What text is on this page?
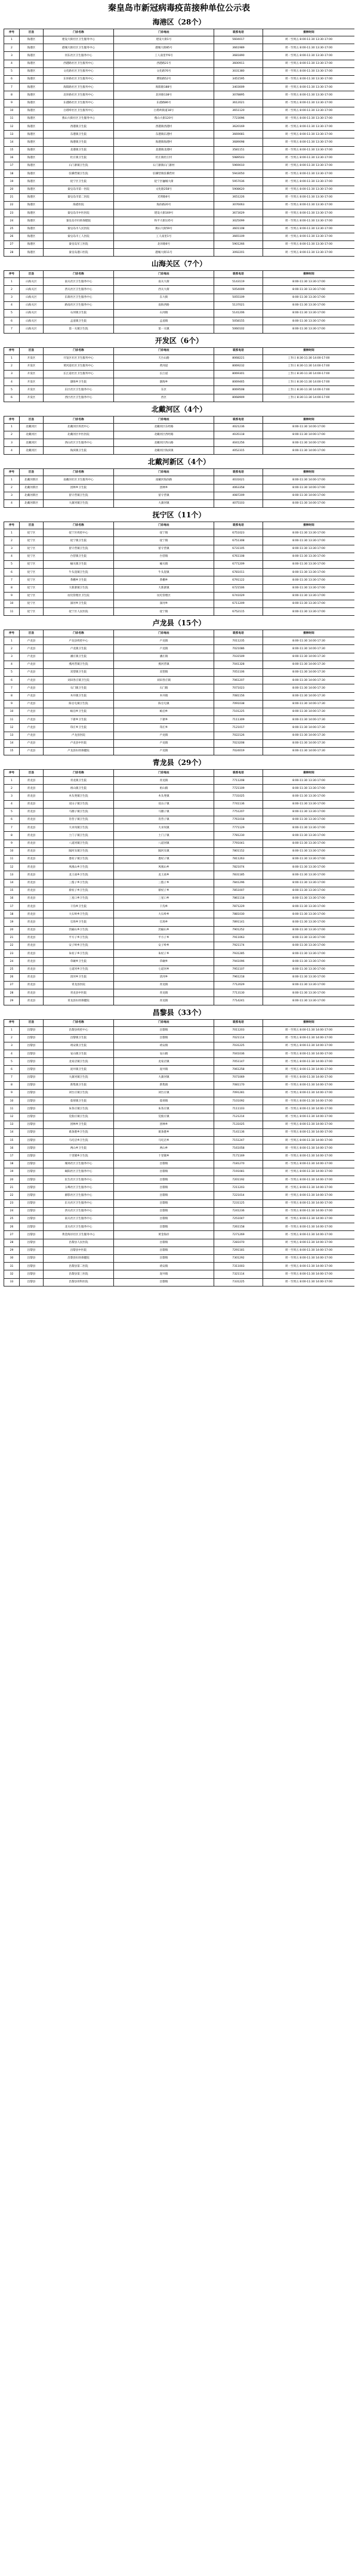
秦皇岛市新冠病毒疫苗接种单位公示表
海港区（28个）
序号	区县	门诊名称	门诊地址	联系电话	接种时间
1	海港区	建设大街社区卫生服务中心	建设大街1号	5604017	周一至周五 8:00-11:30 13:30-17:00
2	海港区	港城大街社区卫生服务中心	港城大街85号	3661989	周一至周五 8:00-11:30 13:30-17:00
3	海港区	河东社区卫生服务中心	工人南里甲6号	3681890	周一至周五 8:00-11:30 13:30-17:00
4	海港区	西港路社区卫生服务中心	西港路21号	3600911	周一至周五 8:00-11:30 13:30-17:00
5	海港区	文化路社区卫生服务中心	文化路76号	3031380	周一至周五 8:00-11:30 13:30-17:00
6	海港区	东环路社区卫生服务中心	曹阳路52号	3451595	周一至周五 8:00-11:30 13:30-17:00
7	海港区	海阳路社区卫生服务中心	海阳路188号	3403009	周一至周五 8:00-11:30 13:30-17:00
8	海港区	北环路社区卫生服务中心	北环路138号	3078895	周一至周五 8:00-11:30 13:30-17:00
9	海港区	东港路社区卫生服务中心	东港路86号	3612021	周一至周五 8:00-11:30 13:30-17:00
10	海港区	白塔岭社区卫生服务中心	白塔岭街道18号	3651120	周一至周五 8:00-11:30 13:30-17:00
11	海港区	燕山大街社区卫生服务中心	燕山大街120号	7723096	周一至周五 8:00-11:30 13:30-17:00
12	海港区	西港镇卫生院	西港镇西港村	3620169	周一至周五 8:00-11:30 13:30-17:00
13	海港区	东港镇卫生院	东港镇东港村	3669081	周一至周五 8:00-11:30 13:30-17:00
14	海港区	海港镇卫生院	海港镇海港村	3689098	周一至周五 8:00-11:30 13:30-17:00
15	海港区	北港镇卫生院	北港镇北港村	3581151	周一至周五 8:00-11:30 13:30-17:00
16	海港区	杜庄镇卫生院	杜庄镇杜庄村	5989503	周一至周五 8:00-11:30 13:30-17:00
17	海港区	石门寨镇卫生院	石门寨镇石门寨村	5969010	周一至周五 8:00-11:30 13:30-17:00
18	海港区	驻操营镇卫生院	驻操营镇驻操营村	5943050	周一至周五 8:00-11:30 13:30-17:00
19	海港区	抚宁区卫生院	抚宁区骊城大街	5957036	周一至周五 8:00-11:30 13:30-17:00
20	海港区	秦皇岛市第一医院	文化路258号	5908620	周一至周五 8:00-11:30 13:30-17:00
21	海港区	秦皇岛市第二医院	光明路6号	3651226	周一至周五 8:00-11:30 13:30-17:00
22	海港区	海港医院	海滨路20号	3076063	周一至周五 8:00-11:30 13:30-17:00
23	海港区	秦皇岛市中医医院	建设大街169号	3673029	周一至周五 8:00-11:30 13:30-17:00
24	海港区	秦皇岛市妇幼保健院	和平大街135号	3025099	周一至周五 8:00-11:30 13:30-17:00
25	海港区	秦皇岛市人民医院	燕山大街59号	3601108	周一至周五 8:00-11:30 13:30-17:00
26	海港区	秦皇岛市工人医院	工人南里1号	3665109	周一至周五 8:00-11:30 13:30-17:00
27	海港区	秦皇岛军工医院	北环路6号	5901266	周一至周五 8:00-11:30 13:30-17:00
28	海港区	秦皇岛港口医院	港城大街11号	3092201	周一至周五 8:00-11:30 13:30-17:00
山海关区（7个）
序号	区县	门诊名称	门诊地址	联系电话	接种时间
1	山海关区	南关社区卫生服务中心	南关大街	5143119	8:00-11:30 13:30-17:00
2	山海关区	西关社区卫生服务中心	西关大街	5054009	8:00-11:30 13:30-17:00
3	山海关区	东街社区卫生服务中心	东大街	5055109	8:00-11:30 13:30-17:00
4	山海关区	路南社区卫生服务中心	南海西路	5137021	8:00-11:30 13:30-17:00
5	山海关区	石河镇卫生院	石河镇	5141206	8:00-11:30 13:30-17:00
6	山海关区	孟姜镇卫生院	孟姜镇	5058155	8:00-11:30 13:30-17:00
7	山海关区	第一关镇卫生院	第一关镇	5060102	8:00-11:30 13:30-17:00
开发区（6个）
序号	区县	门诊名称	门诊地址	联系电话	接种时间
1	开发区	开发区社区卫生服务中心	天台山路	8068221	工作日 8:30-11:30 14:00-17:00
2	开发区	黄河道社区卫生服务中心	黄河道	8069232	工作日 8:30-11:30 14:00-17:00
3	开发区	长江道社区卫生服务中心	长江道	8069301	工作日 8:30-11:30 14:00-17:00
4	开发区	渤海乡卫生院	渤海乡	8069465	工作日 8:30-11:30 14:00-17:00
5	开发区	东区社区卫生服务中心	东区	8069508	工作日 8:30-11:30 14:00-17:00
6	开发区	西区社区卫生服务中心	西区	8068909	工作日 8:30-11:30 14:00-17:00
北戴河区（4个）
序号	区县	门诊名称	门诊地址	联系电话	接种时间
1	北戴河区	北戴河区疾控中心	北戴河区东经路	4021236	8:00-11:30 14:00-17:00
2	北戴河区	北戴河区中医医院	北戴河区西经路	4035118	8:00-11:30 14:00-17:00
3	北戴河区	西山社区卫生服务中心	北戴河区西山路	4041256	8:00-11:30 14:00-17:00
4	北戴河区	海滨镇卫生院	北戴河区海滨镇	4052315	8:00-11:30 14:00-17:00
北戴河新区（4个）
序号	区县	门诊名称	门诊地址	联系电话	接种时间
1	北戴河新区	南戴河社区卫生服务中心	南戴河海滨路	4031621	8:00-11:30 14:00-17:00
2	北戴河新区	团林乡卫生院	团林乡	4063358	8:00-11:30 14:00-17:00
3	北戴河新区	留守营镇卫生院	留守营镇	4087209	8:00-11:30 14:00-17:00
4	北戴河新区	大蒲河镇卫生院	大蒲河镇	4075103	8:00-11:30 14:00-17:00
抚宁区（11个）
序号	区县	门诊名称	门诊地址	联系电话	接种时间
1	抚宁区	抚宁区疾控中心	抚宁镇	6751023	8:00-11:30 13:30-17:00
2	抚宁区	抚宁镇卫生院	抚宁镇	6751308	8:00-11:30 13:30-17:00
3	抚宁区	留守营镇卫生院	留守营镇	6731105	8:00-11:30 13:30-17:00
4	抚宁区	台营镇卫生院	台营镇	6761108	8:00-11:30 13:30-17:00
5	抚宁区	榆关镇卫生院	榆关镇	6771209	8:00-11:30 13:30-17:00
6	抚宁区	牛头崖镇卫生院	牛头崖镇	6781011	8:00-11:30 13:30-17:00
7	抚宁区	茶棚乡卫生院	茶棚乡	6791122	8:00-11:30 13:30-17:00
8	抚宁区	大新寨镇卫生院	大新寨镇	6721506	8:00-11:30 13:30-17:00
9	抚宁区	坟坨管理区卫生院	坟坨管理区	6741029	8:00-11:30 13:30-17:00
10	抚宁区	深河乡卫生院	深河乡	6711209	8:00-11:30 13:30-17:00
11	抚宁区	抚宁区人民医院	抚宁镇	6752115	8:00-11:30 13:30-17:00
卢龙县（15个）
序号	区县	门诊名称	门诊地址	联系电话	接种时间
1	卢龙县	卢龙县疾控中心	卢龙镇	7011235	8:00-11:30 14:00-17:30
2	卢龙县	卢龙镇卫生院	卢龙镇	7021086	8:00-11:30 14:00-17:30
3	卢龙县	潘庄镇卫生院	潘庄镇	7031509	8:00-11:30 14:00-17:30
4	卢龙县	燕河营镇卫生院	燕河营镇	7041328	8:00-11:30 14:00-17:30
5	卢龙县	双望镇卫生院	双望镇	7051106	8:00-11:30 14:00-17:30
6	卢龙县	刘田各庄镇卫生院	刘田各庄镇	7061207	8:00-11:30 14:00-17:30
7	卢龙县	石门镇卫生院	石门镇	7071023	8:00-11:30 14:00-17:30
8	卢龙县	木井镇卫生院	木井镇	7081156	8:00-11:30 14:00-17:30
9	卢龙县	陈官屯镇卫生院	陈官屯镇	7091038	8:00-11:30 14:00-17:30
10	卢龙县	蛤泊乡卫生院	蛤泊乡	7101225	8:00-11:30 14:00-17:30
11	卢龙县	下寨乡卫生院	下寨乡	7111309	8:00-11:30 14:00-17:30
12	卢龙县	印庄乡卫生院	印庄乡	7121017	8:00-11:30 14:00-17:30
13	卢龙县	卢龙县医院	卢龙镇	7022126	8:00-11:30 14:00-17:30
14	卢龙县	卢龙县中医院	卢龙镇	7023208	8:00-11:30 14:00-17:30
15	卢龙县	卢龙县妇幼保健院	卢龙镇	7024019	8:00-11:30 14:00-17:30
青龙县（29个）
序号	区县	门诊名称	门诊地址	联系电话	接种时间
1	青龙县	青龙镇卫生院	青龙镇	7711208	8:00-11:30 13:30-17:00
2	青龙县	祖山镇卫生院	祖山镇	7721109	8:00-11:30 13:30-17:00
3	青龙县	木头凳镇卫生院	木头凳镇	7731025	8:00-11:30 13:30-17:00
4	青龙县	双山子镇卫生院	双山子镇	7741136	8:00-11:30 13:30-17:00
5	青龙县	马圈子镇卫生院	马圈子镇	7751207	8:00-11:30 13:30-17:00
6	青龙县	肖营子镇卫生院	肖营子镇	7761018	8:00-11:30 13:30-17:00
7	青龙县	大巫岚镇卫生院	大巫岚镇	7771129	8:00-11:30 13:30-17:00
8	青龙县	土门子镇卫生院	土门子镇	7781230	8:00-11:30 13:30-17:00
9	青龙县	八道河镇卫生院	八道河镇	7791041	8:00-11:30 13:30-17:00
10	青龙县	隔河头镇卫生院	隔河头镇	7801152	8:00-11:30 13:30-17:00
11	青龙县	娄杖子镇卫生院	娄杖子镇	7811263	8:00-11:30 13:30-17:00
12	青龙县	凤凰山乡卫生院	凤凰山乡	7821074	8:00-11:30 13:30-17:00
13	青龙县	龙王庙乡卫生院	龙王庙乡	7831185	8:00-11:30 13:30-17:00
14	青龙县	三拨子乡卫生院	三拨子乡	7841296	8:00-11:30 13:30-17:00
15	青龙县	蔡杖子乡卫生院	蔡杖子乡	7851007	8:00-11:30 13:30-17:00
16	青龙县	三星口乡卫生院	三星口乡	7861118	8:00-11:30 13:30-17:00
17	青龙县	干沟乡卫生院	干沟乡	7871229	8:00-11:30 13:30-17:00
18	青龙县	大石岭乡卫生院	大石岭乡	7881030	8:00-11:30 13:30-17:00
19	青龙县	官场乡卫生院	官场乡	7891141	8:00-11:30 13:30-17:00
20	青龙县	茨榆山乡卫生院	茨榆山乡	7901252	8:00-11:30 13:30-17:00
21	青龙县	平方子乡卫生院	平方子乡	7911063	8:00-11:30 13:30-17:00
22	青龙县	安子岭乡卫生院	安子岭乡	7921174	8:00-11:30 13:30-17:00
23	青龙县	朱杖子乡卫生院	朱杖子乡	7931285	8:00-11:30 13:30-17:00
24	青龙县	草碾乡卫生院	草碾乡	7941096	8:00-11:30 13:30-17:00
25	青龙县	七道河乡卫生院	七道河乡	7951107	8:00-11:30 13:30-17:00
26	青龙县	清河乡卫生院	清河乡	7961218	8:00-11:30 13:30-17:00
27	青龙县	青龙县医院	青龙镇	7712029	8:00-11:30 13:30-17:00
28	青龙县	青龙县中医院	青龙镇	7713130	8:00-11:30 13:30-17:00
29	青龙县	青龙县妇幼保健院	青龙镇	7714241	8:00-11:30 13:30-17:00
昌黎县（33个）
序号	区县	门诊名称	门诊地址	联系电话	接种时间
1	昌黎县	昌黎县疾控中心	昌黎镇	7011203	周一至周五 8:00-11:30 14:00-17:00
2	昌黎县	昌黎镇卫生院	昌黎镇	7021114	周一至周五 8:00-11:30 14:00-17:00
3	昌黎县	靖安镇卫生院	靖安镇	7031225	周一至周五 8:00-11:30 14:00-17:00
4	昌黎县	安山镇卫生院	安山镇	7041036	周一至周五 8:00-11:30 14:00-17:00
5	昌黎县	龙家店镇卫生院	龙家店镇	7051147	周一至周五 8:00-11:30 14:00-17:00
6	昌黎县	泥井镇卫生院	泥井镇	7061258	周一至周五 8:00-11:30 14:00-17:00
7	昌黎县	大蒲河镇卫生院	大蒲河镇	7071069	周一至周五 8:00-11:30 14:00-17:00
8	昌黎县	新集镇卫生院	新集镇	7081170	周一至周五 8:00-11:30 14:00-17:00
9	昌黎县	刘台庄镇卫生院	刘台庄镇	7091281	周一至周五 8:00-11:30 14:00-17:00
10	昌黎县	茹荷镇卫生院	茹荷镇	7101092	周一至周五 8:00-11:30 14:00-17:00
11	昌黎县	朱各庄镇卫生院	朱各庄镇	7111103	周一至周五 8:00-11:30 14:00-17:00
12	昌黎县	荒佃庄镇卫生院	荒佃庄镇	7121214	周一至周五 8:00-11:30 14:00-17:00
13	昌黎县	团林乡卫生院	团林乡	7131025	周一至周五 8:00-11:30 14:00-17:00
14	昌黎县	葛条港乡卫生院	葛条港乡	7141136	周一至周五 8:00-11:30 14:00-17:00
15	昌黎县	马坨店乡卫生院	马坨店乡	7151247	周一至周五 8:00-11:30 14:00-17:00
16	昌黎县	两山乡卫生院	两山乡	7161058	周一至周五 8:00-11:30 14:00-17:00
17	昌黎县	十里铺乡卫生院	十里铺乡	7171169	周一至周五 8:00-11:30 14:00-17:00
18	昌黎县	城郊社区卫生服务中心	昌黎镇	7181270	周一至周五 8:00-11:30 14:00-17:00
19	昌黎县	碣阳社区卫生服务中心	昌黎镇	7191081	周一至周五 8:00-11:30 14:00-17:00
20	昌黎县	民生社区卫生服务中心	昌黎镇	7201192	周一至周五 8:00-11:30 14:00-17:00
21	昌黎县	五峰社区卫生服务中心	昌黎镇	7211203	周一至周五 8:00-11:30 14:00-17:00
22	昌黎县	源影社区卫生服务中心	昌黎镇	7221014	周一至周五 8:00-11:30 14:00-17:00
23	昌黎县	东关社区卫生服务中心	昌黎镇	7231125	周一至周五 8:00-11:30 14:00-17:00
24	昌黎县	西关社区卫生服务中心	昌黎镇	7241236	周一至周五 8:00-11:30 14:00-17:00
25	昌黎县	南关社区卫生服务中心	昌黎镇	7251047	周一至周五 8:00-11:30 14:00-17:00
26	昌黎县	北关社区卫生服务中心	昌黎镇	7261158	周一至周五 8:00-11:30 14:00-17:00
27	昌黎县	黄金海岸社区卫生服务中心	黄金海岸	7271269	周一至周五 8:00-11:30 14:00-17:00
28	昌黎县	昌黎县人民医院	昌黎镇	7281070	周一至周五 8:00-11:30 14:00-17:00
29	昌黎县	昌黎县中医院	昌黎镇	7291181	周一至周五 8:00-11:30 14:00-17:00
30	昌黎县	昌黎县妇幼保健院	昌黎镇	7301292	周一至周五 8:00-11:30 14:00-17:00
31	昌黎县	昌黎县第二医院	靖安镇	7311003	周一至周五 8:00-11:30 14:00-17:00
32	昌黎县	昌黎县第三医院	泥井镇	7321114	周一至周五 8:00-11:30 14:00-17:00
33	昌黎县	昌黎县骨科医院	昌黎镇	7331225	周一至周五 8:00-11:30 14:00-17:00
